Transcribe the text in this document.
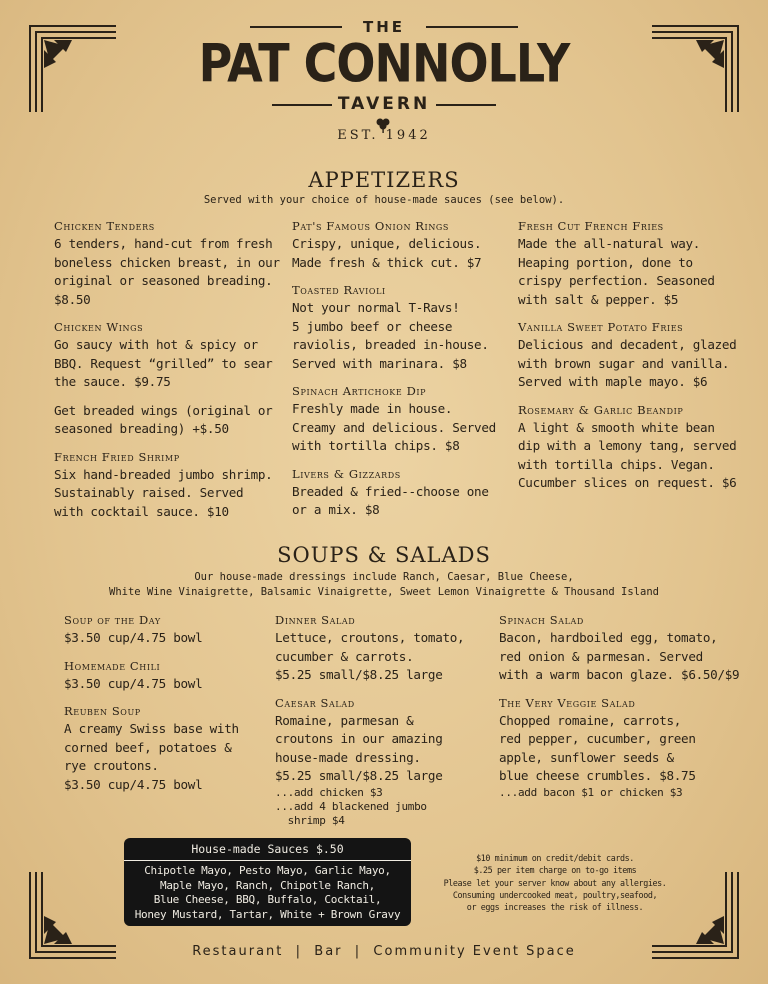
THE
PAT CONNOLLY
TAVERN
EST. 1942
APPETIZERS
Served with your choice of house-made sauces (see below).
Chicken Tenders
6 tenders, hand-cut from fresh
boneless chicken breast, in our
original or seasoned breading.
$8.50
Chicken Wings
Go saucy with hot & spicy or
BBQ. Request “grilled” to sear
the sauce. $9.75
Get breaded wings (original or
seasoned breading) +$.50
French Fried Shrimp
Six hand-breaded jumbo shrimp.
Sustainably raised. Served
with cocktail sauce. $10
Pat's Famous Onion Rings
Crispy, unique, delicious.
Made fresh & thick cut. $7
Toasted Ravioli
Not your normal T-Ravs!
5 jumbo beef or cheese
raviolis, breaded in-house.
Served with marinara. $8
Spinach Artichoke Dip
Freshly made in house.
Creamy and delicious. Served
with tortilla chips. $8
Livers & Gizzards
Breaded & fried--choose one
or a mix. $8
Fresh Cut French Fries
Made the all-natural way.
Heaping portion, done to
crispy perfection. Seasoned
with salt & pepper. $5
Vanilla Sweet Potato Fries
Delicious and decadent, glazed
with brown sugar and vanilla.
Served with maple mayo. $6
Rosemary & Garlic Beandip
A light & smooth white bean
dip with a lemony tang, served
with tortilla chips. Vegan.
Cucumber slices on request. $6
SOUPS & SALADS
Our house-made dressings include Ranch, Caesar, Blue Cheese,
White Wine Vinaigrette, Balsamic Vinaigrette, Sweet Lemon Vinaigrette & Thousand Island
Soup of the Day
$3.50 cup/4.75 bowl
Homemade Chili
$3.50 cup/4.75 bowl
Reuben Soup
A creamy Swiss base with
corned beef, potatoes &
rye croutons.
$3.50 cup/4.75 bowl
Dinner Salad
Lettuce, croutons, tomato,
cucumber & carrots.
$5.25 small/$8.25 large
Caesar Salad
Romaine, parmesan &
croutons in our amazing
house-made dressing.
$5.25 small/$8.25 large
...add chicken $3
...add 4 blackened jumbo
shrimp $4
Spinach Salad
Bacon, hardboiled egg, tomato,
red onion & parmesan. Served
with a warm bacon glaze. $6.50/$9
The Very Veggie Salad
Chopped romaine, carrots,
red pepper, cucumber, green
apple, sunflower seeds &
blue cheese crumbles. $8.75
...add bacon $1 or chicken $3
House-made Sauces $.50
Chipotle Mayo, Pesto Mayo, Garlic Mayo,
Maple Mayo, Ranch, Chipotle Ranch,
Blue Cheese, BBQ, Buffalo, Cocktail,
Honey Mustard, Tartar, White + Brown Gravy
$10 minimum on credit/debit cards.
$.25 per item charge on to-go items
Please let your server know about any allergies.
Consuming undercooked meat, poultry,seafood,
or eggs increases the risk of illness.
Restaurant  |  Bar  |  Community Event Space
